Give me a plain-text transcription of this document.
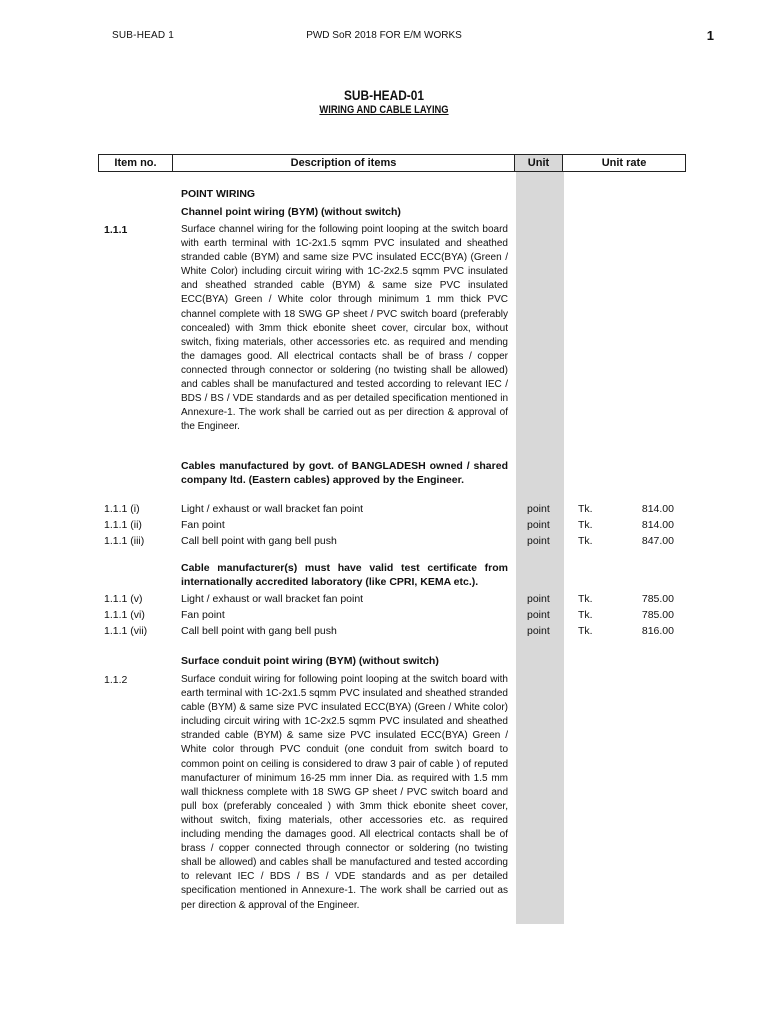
SUB-HEAD 1	PWD SoR 2018 FOR E/M WORKS	1
SUB-HEAD-01
WIRING AND CABLE LAYING
Item no.	Description of items	Unit	Unit rate
POINT WIRING
Channel point wiring (BYM) (without switch)
1.1.1	Surface channel wiring for the following point looping at the switch board with earth terminal with 1C-2x1.5 sqmm PVC insulated and sheathed stranded cable (BYM) and same size PVC insulated ECC(BYA) (Green / White Color) including circuit wiring with 1C-2x2.5 sqmm PVC insulated and sheathed stranded cable (BYM) & same size PVC insulated ECC(BYA) Green / White color through minimum 1 mm thick PVC channel complete with 18 SWG GP sheet / PVC switch board (preferably concealed) with 3mm thick ebonite sheet cover, circular box, without switch, fixing materials, other accessories etc. as required and mending the damages good. All electrical contacts shall be of brass / copper connected through connector or soldering (no twisting shall be allowed) and cables shall be manufactured and tested according to relevant IEC / BDS / BS / VDE standards and as per detailed specification mentioned in Annexure-1. The work shall be carried out as per direction & approval of the Engineer.
Cables manufactured by govt. of BANGLADESH owned / shared company ltd. (Eastern cables) approved by the Engineer.
1.1.1 (i)	Light / exhaust or wall bracket fan point	point	Tk.	814.00
1.1.1 (ii)	Fan point	point	Tk.	814.00
1.1.1 (iii)	Call bell point with gang bell push	point	Tk.	847.00
Cable manufacturer(s) must have valid test certificate from internationally accredited laboratory (like CPRI, KEMA etc.).
1.1.1 (v)	Light / exhaust or wall bracket fan point	point	Tk.	785.00
1.1.1 (vi)	Fan point	point	Tk.	785.00
1.1.1 (vii)	Call bell point with gang bell push	point	Tk.	816.00
Surface conduit point wiring (BYM) (without switch)
1.1.2	Surface conduit wiring for following point looping at the switch board with earth terminal with 1C-2x1.5 sqmm PVC insulated and sheathed stranded cable (BYM) & same size PVC insulated ECC(BYA) (Green / White color) including circuit wiring with 1C-2x2.5 sqmm PVC insulated and sheathed stranded cable (BYM) & same size PVC insulated ECC(BYA) Green / White color through PVC conduit (one conduit from switch board to common point on ceiling is considered to draw 3 pair of cable ) of reputed manufacturer of minimum 16-25 mm inner Dia. as required with 1.5 mm wall thickness complete with 18 SWG GP sheet / PVC switch board and pull box (preferably concealed ) with 3mm thick ebonite sheet cover, without switch, fixing materials, other accessories etc. as required including mending the damages good. All electrical contacts shall be of brass / copper connected through connector or soldering (no twisting shall be allowed) and cables shall be manufactured and tested according to relevant IEC / BDS / BS / VDE standards and as per detailed specification mentioned in Annexure-1. The work shall be carried out as per direction & approval of the Engineer.
